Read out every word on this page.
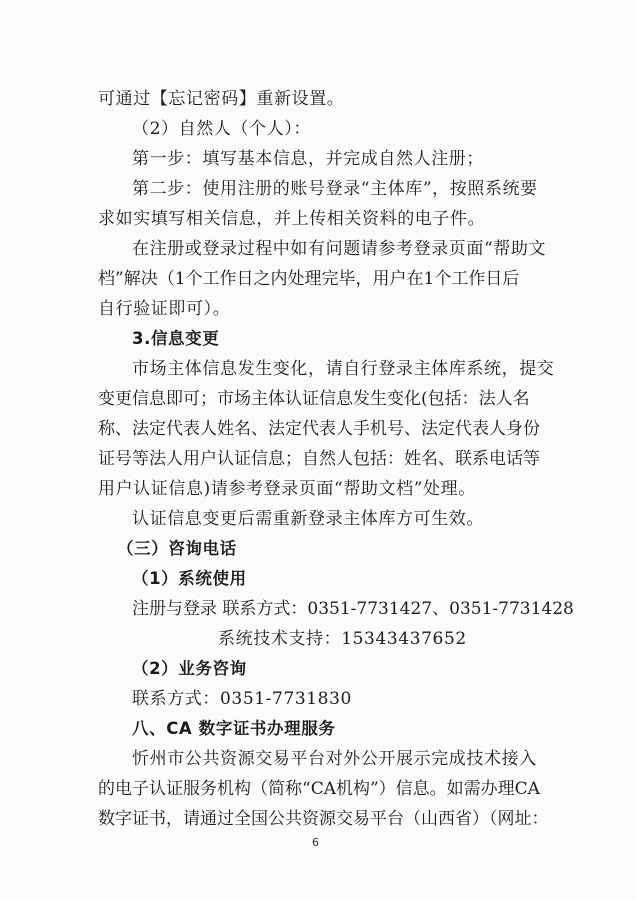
可通过【忘记密码】重新设置。
（2）自然人（个人）：
第一步：填写基本信息，并完成自然人注册；
第二步：使用注册的账号登录“主体库”，按照系统要
求如实填写相关信息，并上传相关资料的电子件。
在注册或登录过程中如有问题请参考登录页面“帮助文
档”解决（1个工作日之内处理完毕，用户在1个工作日后
自行验证即可）。
3.信息变更
市场主体信息发生变化，请自行登录主体库系统，提交
变更信息即可；市场主体认证信息发生变化(包括：法人名
称、法定代表人姓名、法定代表人手机号、法定代表人身份
证号等法人用户认证信息；自然人包括：姓名、联系电话等
用户认证信息)请参考登录页面“帮助文档”处理。
认证信息变更后需重新登录主体库方可生效。
（三）咨询电话
（1）系统使用
注册与登录 联系方式：0351-7731427、0351-7731428
系统技术支持：15343437652
（2）业务咨询
联系方式：0351-7731830
八、CA 数字证书办理服务
忻州市公共资源交易平台对外公开展示完成技术接入
的电子认证服务机构（简称“CA机构”）信息。如需办理CA
数字证书，请通过全国公共资源交易平台（山西省）（网址：
6
